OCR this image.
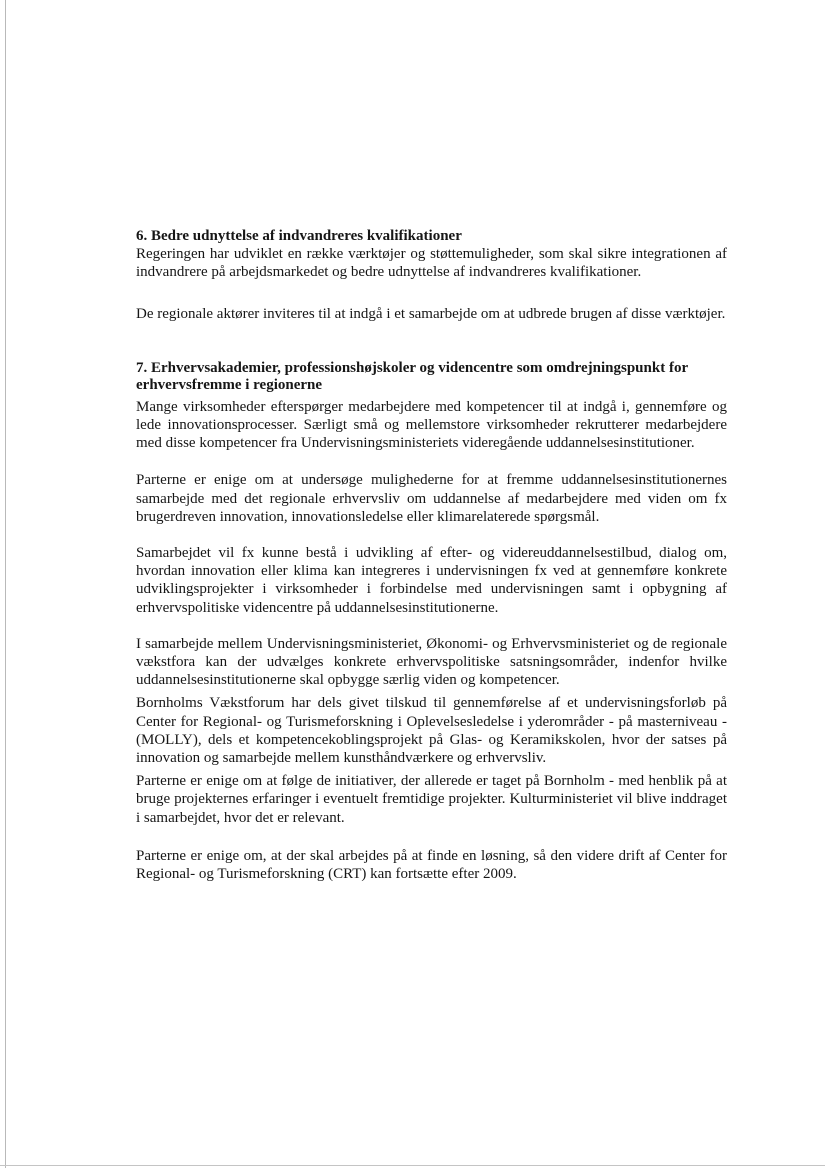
6. Bedre udnyttelse af indvandreres kvalifikationer

Regeringen har udviklet en række værktøjer og støttemuligheder, som skal sikre integrationen af indvandrere på arbejdsmarkedet og bedre udnyttelse af indvandreres kvalifikationer.

De regionale aktører inviteres til at indgå i et samarbejde om at udbrede brugen af disse værktøjer.

7. Erhvervsakademier, professionshøjskoler og videncentre som omdrejningspunkt for erhvervsfremme i regionerne

Mange virksomheder efterspørger medarbejdere med kompetencer til at indgå i, gennemføre og lede innovationsprocesser. Særligt små og mellemstore virksomheder rekrutterer medarbejdere med disse kompetencer fra Undervisningsministeriets videregående uddannelsesinstitutioner.

Parterne er enige om at undersøge mulighederne for at fremme uddannelsesinstitutionernes samarbejde med det regionale erhvervsliv om uddannelse af medarbejdere med viden om fx brugerdreven innovation, innovationsledelse eller klimarelaterede spørgsmål.

Samarbejdet vil fx kunne bestå i udvikling af efter- og videreuddannelsestilbud, dialog om, hvordan innovation eller klima kan integreres i undervisningen fx ved at gennemføre konkrete udviklingsprojekter i virksomheder i forbindelse med undervisningen samt i opbygning af erhvervspolitiske videncentre på uddannelsesinstitutionerne.

I samarbejde mellem Undervisningsministeriet, Økonomi- og Erhvervsministeriet og de regionale vækstfora kan der udvælges konkrete erhvervspolitiske satsningsområder, indenfor hvilke uddannelsesinstitutionerne skal opbygge særlig viden og kompetencer.

Bornholms Vækstforum har dels givet tilskud til gennemførelse af et undervisningsforløb på Center for Regional- og Turismeforskning i Oplevelsesledelse i yderområder - på masterniveau - (MOLLY), dels et kompetencekoblingsprojekt på Glas- og Keramikskolen, hvor der satses på innovation og samarbejde mellem kunsthåndværkere og erhvervsliv.

Parterne er enige om at følge de initiativer, der allerede er taget på Bornholm - med henblik på at bruge projekternes erfaringer i eventuelt fremtidige projekter. Kulturministeriet vil blive inddraget i samarbejdet, hvor det er relevant.

Parterne er enige om, at der skal arbejdes på at finde en løsning, så den videre drift af Center for Regional- og Turismeforskning (CRT) kan fortsætte efter 2009.
